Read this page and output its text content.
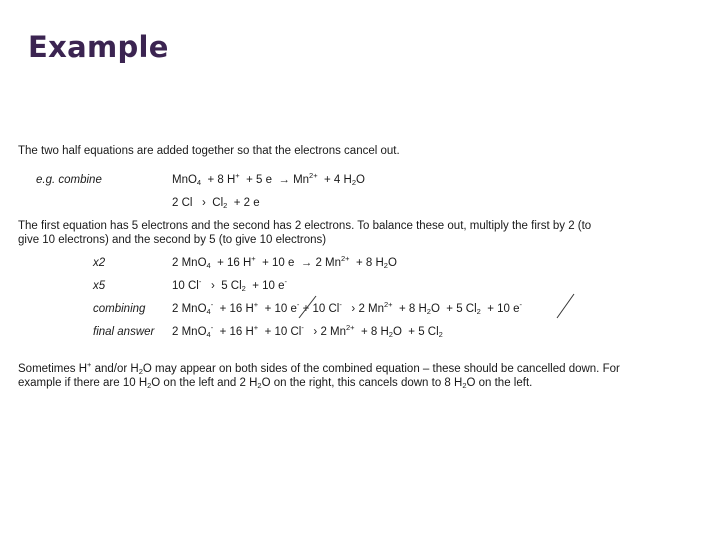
Example
The two half equations are added together so that the electrons cancel out.
e.g. combine	MnO$_4$ + 8 H+ + 5 $e \to Mn^{2+} + 4$ $H_2O$
2 Cl › $Cl_2 + 2$ e
The first equation has 5 electrons and the second has 2 electrons. To balance these out, multiply the first by 2 (to
give 10 electrons) and the second by 5 (to give 10 electrons)
x2	2 MnO$_4$ + 16 H+ + 10 e → 2 $Mn^{2+} + 8$ $H_2O$
x5	10 Cl- › 5 $Cl_2 + 10$ e-
combining 2 MnO$_4$- + 16 H+ + 10 e- + 10 Cl- › 2 $Mn^{2+} + 8$ $H_2O + 5$ $Cl_2 + 10$ e-
final answer 2 MnO$_4$- + 16 H+ + 10 Cl- › 2 $Mn^{2+} + 8$ $H_2O + 5$ $Cl_2$
Sometimes H+ and/or $H_2O$ may appear on both sides of the combined equation – these should be cancelled down. For
example if there are 10 $H_2O$ on the left and 2 $H_2O$ on the right, this cancels down to 8 $H_2O$ on the left.
